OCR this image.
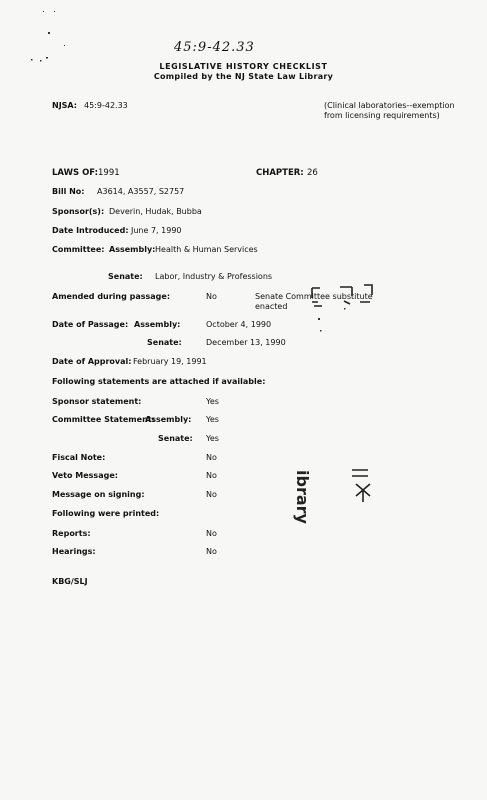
45:9-42.33
LEGISLATIVE HISTORY CHECKLIST
Compiled by the NJ State Law Library
NJSA: 45:9-42.33	(Clinical laboratories--exemption from licensing requirements)
LAWS OF: 1991	CHAPTER: 26
Bill No: A3614, A3557, S2757
Sponsor(s): Deverin, Hudak, Bubba
Date Introduced: June 7, 1990
Committee: Assembly: Health & Human Services
Senate: Labor, Industry & Professions
Amended during passage:	No	Senate Committee substitute enacted
Date of Passage: Assembly:	October 4, 1990
Senate:	December 13, 1990
Date of Approval: February 19, 1991
Following statements are attached if available:
Sponsor statement:	Yes
Committee Statement:
Assembly: Yes
Senate: Yes
Fiscal Note:	No
Veto Message:	No
Message on signing:	No
Following were printed:
Reports:	No
Hearings:	No
KBG/SLJ
ibrary
